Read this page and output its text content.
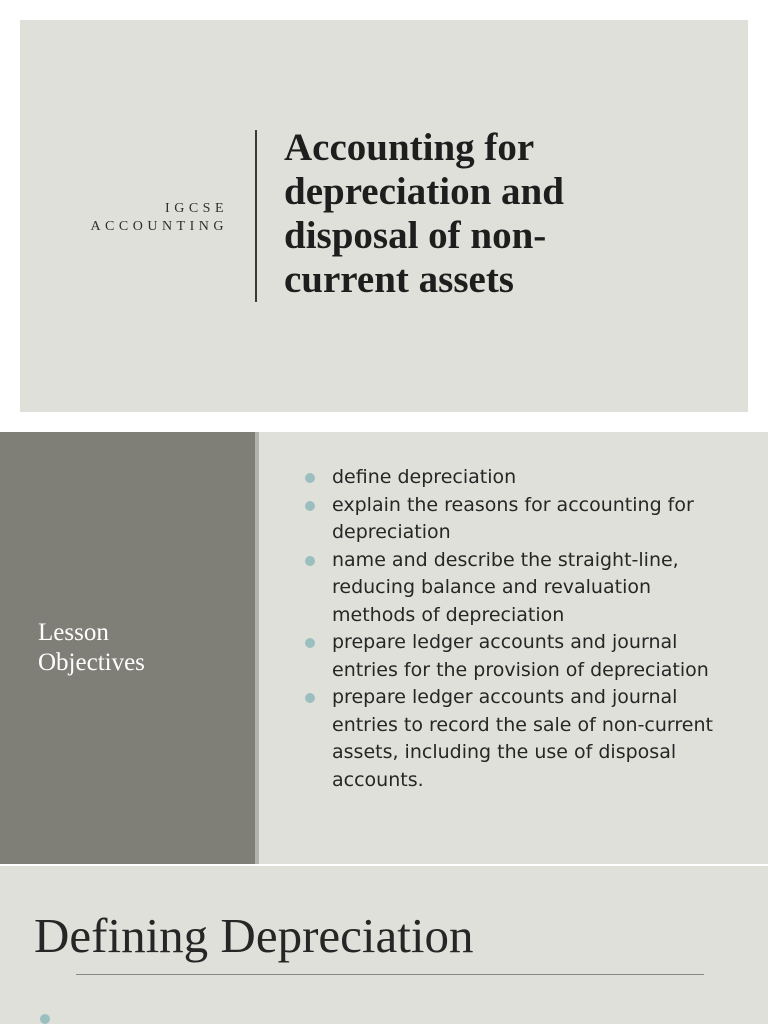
IGCSE
ACCOUNTING
Accounting for depreciation and disposal of non-current assets
Lesson
Objectives
define depreciation
explain the reasons for accounting for depreciation
name and describe the straight-line, reducing balance and revaluation methods of depreciation
prepare ledger accounts and journal entries for the provision of depreciation
prepare ledger accounts and journal entries to record the sale of non-current assets, including the use of disposal accounts.
Defining Depreciation
